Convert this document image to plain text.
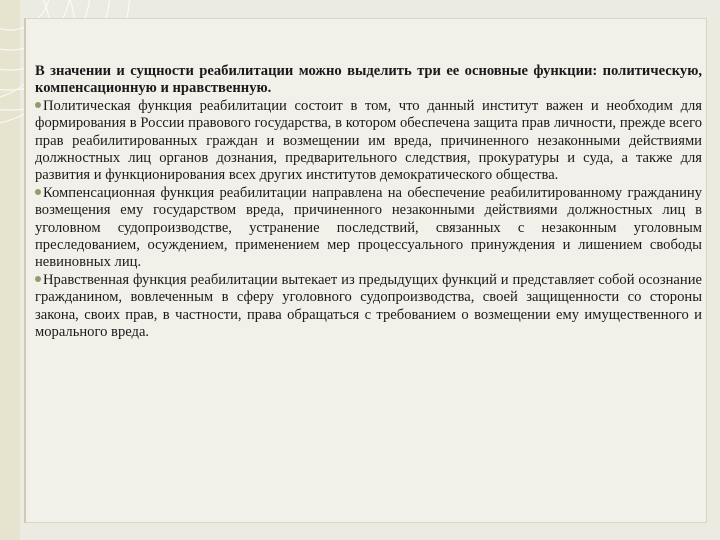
В значении и сущности реабилитации можно выделить три ее основные функции: политическую, компенсационную и нравственную.

Политическая функция реабилитации состоит в том, что данный институт важен и необходим для формирования в России правового государства, в котором обеспечена защита прав личности, прежде всего прав реабилитированных граждан и возмещении им вреда, причиненного незаконными действиями должностных лиц органов дознания, предварительного следствия, прокуратуры и суда, а также для развития и функционирования всех других институтов демократического общества.

Компенсационная функция реабилитации направлена на обеспечение реабилитированному гражданину возмещения ему государством вреда, причиненного незаконными действиями должностных лиц в уголовном судопроизводстве, устранение последствий, связанных с незаконным уголовным преследованием, осуждением, применением мер процессуального принуждения и лишением свободы невиновных лиц.

Нравственная функция реабилитации вытекает из предыдущих функций и представляет собой осознание гражданином, вовлеченным в сферу уголовного судопроизводства, своей защищенности со стороны закона, своих прав, в частности, права обращаться с требованием о возмещении ему имущественного и морального вреда.
